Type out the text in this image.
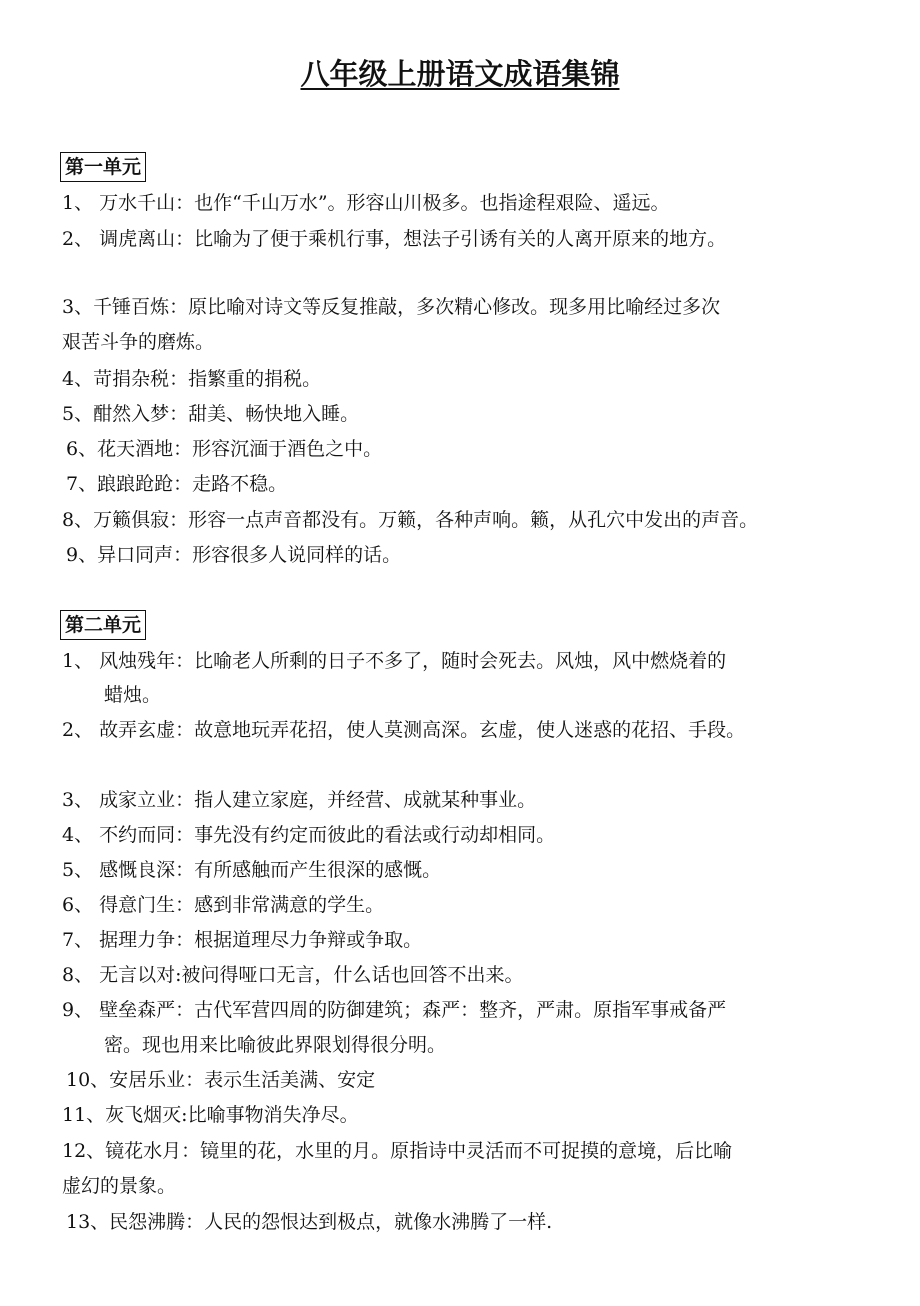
八年级上册语文成语集锦
第一单元
1、 万水千山：也作“千山万水”。形容山川极多。也指途程艰险、遥远。
2、 调虎离山：比喻为了便于乘机行事，想法子引诱有关的人离开原来的地方。
3、千锤百炼：原比喻对诗文等反复推敲，多次精心修改。现多用比喻经过多次
艰苦斗争的磨炼。
4、苛捐杂税：指繁重的捐税。
5、酣然入梦：甜美、畅快地入睡。
6、花天酒地：形容沉湎于酒色之中。
7、踉踉跄跄：走路不稳。
8、万籁俱寂：形容一点声音都没有。万籁，各种声响。籁，从孔穴中发出的声音。
9、异口同声：形容很多人说同样的话。
第二单元
1、 风烛残年：比喻老人所剩的日子不多了，随时会死去。风烛，风中燃烧着的
蜡烛。
2、 故弄玄虚：故意地玩弄花招，使人莫测高深。玄虚，使人迷惑的花招、手段。
3、 成家立业：指人建立家庭，并经营、成就某种事业。
4、 不约而同：事先没有约定而彼此的看法或行动却相同。
5、 感慨良深：有所感触而产生很深的感慨。
6、 得意门生：感到非常满意的学生。
7、 据理力争：根据道理尽力争辩或争取。
8、 无言以对:被问得哑口无言，什么话也回答不出来。
9、 壁垒森严：古代军营四周的防御建筑；森严：整齐，严肃。原指军事戒备严
密。现也用来比喻彼此界限划得很分明。
10、安居乐业：表示生活美满、安定
11、灰飞烟灭:比喻事物消失净尽。
12、镜花水月：镜里的花，水里的月。原指诗中灵活而不可捉摸的意境，后比喻
虚幻的景象。
13、民怨沸腾：人民的怨恨达到极点，就像水沸腾了一样.
